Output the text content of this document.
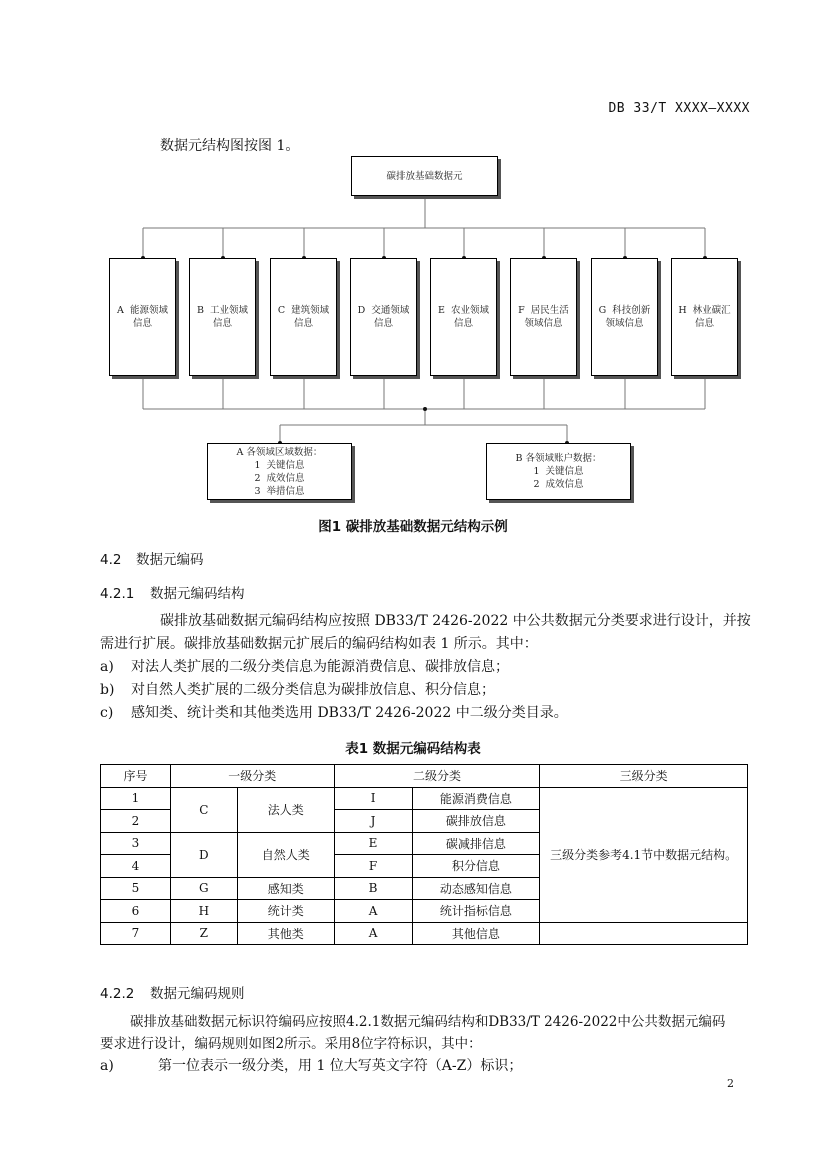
DB 33/T XXXX—XXXX
数据元结构图按图 1。
碳排放基础数据元
A  能源领域
信息
B  工业领域
信息
C  建筑领域
信息
D  交通领域
信息
E  农业领域
信息
F  居民生活
领域信息
G  科技创新
领域信息
H  林业碳汇
信息
A 各领域区域数据：
1  关键信息
2  成效信息
3  举措信息
B 各领域账户数据：
1  关键信息
2  成效信息
图1 碳排放基础数据元结构示例
4.2 数据元编码
4.2.1 数据元编码结构
碳排放基础数据元编码结构应按照 DB33/T 2426-2022 中公共数据元分类要求进行设计，并按
需进行扩展。碳排放基础数据元扩展后的编码结构如表 1 所示。其中：
a) 对法人类扩展的二级分类信息为能源消费信息、碳排放信息；
b) 对自然人类扩展的二级分类信息为碳排放信息、积分信息；
c) 感知类、统计类和其他类选用 DB33/T 2426-2022 中二级分类目录。
表1 数据元编码结构表
序号	一级分类		二级分类		三级分类
1	C	法人类	I	能源消费信息	三级分类参考4.1节中数据元结构。
2			J	碳排放信息	
3	D	自然人类	E	碳减排信息	
4			F	积分信息	
5	G	感知类	B	动态感知信息	
6	H	统计类	A	统计指标信息	
7	Z	其他类	A	其他信息	
4.2.2 数据元编码规则
碳排放基础数据元标识符编码应按照4.2.1数据元编码结构和DB33/T 2426-2022中公共数据元编码
要求进行设计，编码规则如图2所示。采用8位字符标识，其中：
a)	第一位表示一级分类，用 1 位大写英文字符（A-Z）标识；
2
